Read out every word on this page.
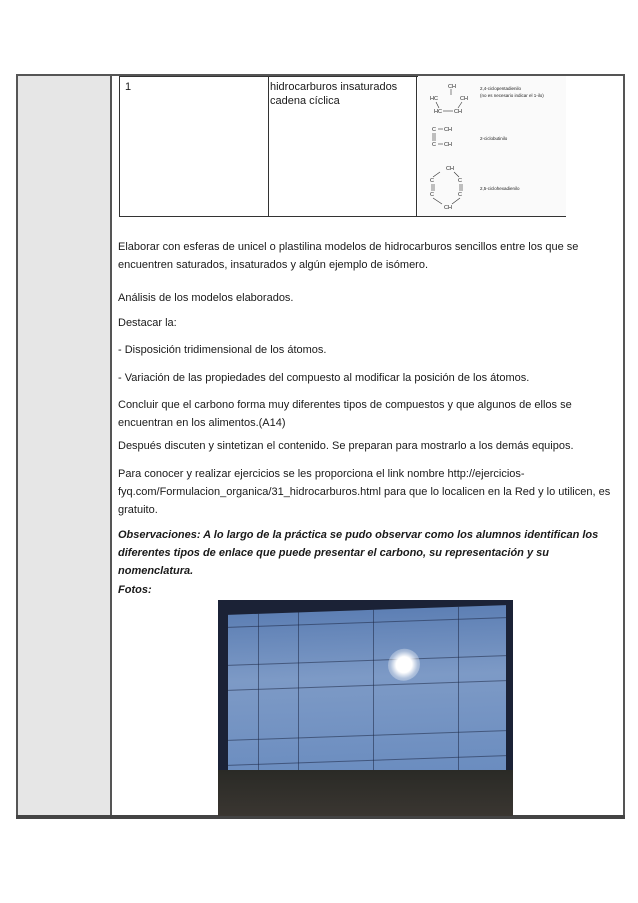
1	hidrocarburos insaturados
cadena cíclica
CH
HC	CH
HC CH
2,4-ciclopentadienilo
(no es necesario indicar el 1-ilo)
C CH
C CH
2-ciclobutinilo
CH
C	C
C	C
CH
2,5-ciclohexadienilo
Elaborar con esferas de unicel o plastilina modelos de hidrocarburos sencillos entre los que se encuentren saturados, insaturados y algún ejemplo de isómero.
Análisis de los modelos elaborados.
Destacar la:
- Disposición tridimensional de los átomos.
- Variación de las propiedades del compuesto al modificar la posición de los átomos.
Concluir que el carbono forma muy diferentes tipos de compuestos y que algunos de ellos se encuentran en los alimentos.(A14)
Después discuten y sintetizan el contenido. Se preparan para mostrarlo a los demás equipos.
Para conocer y realizar ejercicios se les proporciona el link nombre http://ejercicios-fyq.com/Formulacion_organica/31_hidrocarburos.html para que lo localicen en la Red y lo utilicen, es gratuito.
Observaciones: A lo largo de la práctica se pudo observar como los alumnos identifican los diferentes tipos de enlace que puede presentar el carbono, su representación y su nomenclatura.
Fotos:
